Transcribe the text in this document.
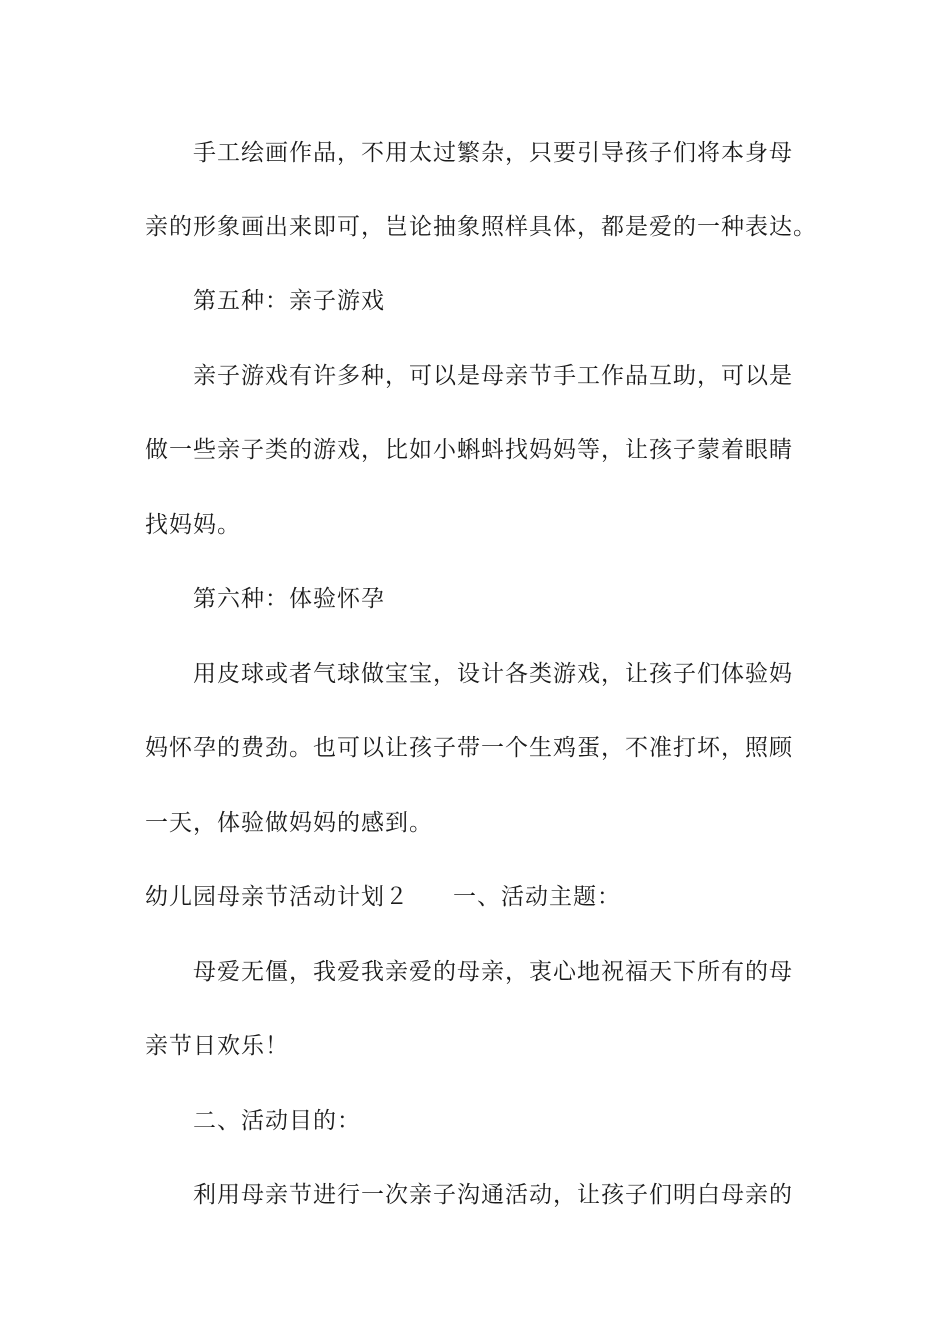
手工绘画作品，不用太过繁杂，只要引导孩子们将本身母
亲的形象画出来即可，岂论抽象照样具体，都是爱的一种表达。
第五种：亲子游戏
亲子游戏有许多种，可以是母亲节手工作品互助，可以是
做一些亲子类的游戏，比如小蝌蚪找妈妈等，让孩子蒙着眼睛
找妈妈。
第六种：体验怀孕
用皮球或者气球做宝宝，设计各类游戏，让孩子们体验妈
妈怀孕的费劲。也可以让孩子带一个生鸡蛋，不准打坏，照顾
一天，体验做妈妈的感到。
幼儿园母亲节活动计划２ 一、活动主题：
母爱无僵，我爱我亲爱的母亲，衷心地祝福天下所有的母
亲节日欢乐！
二、活动目的：
利用母亲节进行一次亲子沟通活动，让孩子们明白母亲的
